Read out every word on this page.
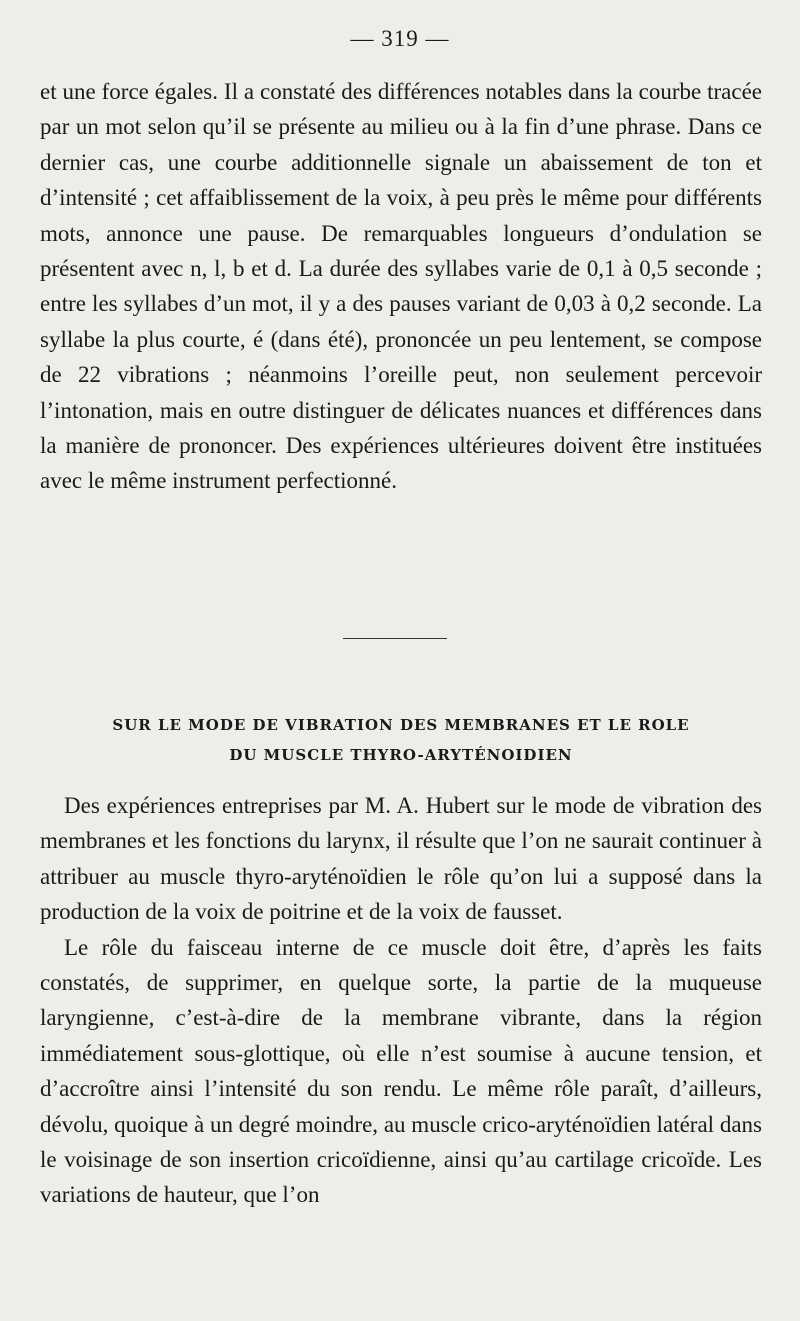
— 319 —

et une force égales. Il a constaté des différences notables dans la courbe tracée par un mot selon qu’il se présente au milieu ou à la fin d’une phrase. Dans ce dernier cas, une courbe additionnelle signale un abaissement de ton et d’intensité ; cet affaiblissement de la voix, à peu près le même pour différents mots, annonce une pause. De remarquables longueurs d’ondulation se présentent avec n, l, b et d. La durée des syllabes varie de 0,1 à 0,5 seconde ; entre les syllabes d’un mot, il y a des pauses variant de 0,03 à 0,2 seconde. La syllabe la plus courte, é (dans été), prononcée un peu lentement, se compose de 22 vibrations ; néanmoins l’oreille peut, non seulement percevoir l’intonation, mais en outre distinguer de délicates nuances et différences dans la manière de prononcer. Des expériences ultérieures doivent être instituées avec le même instrument perfectionné.

SUR LE MODE DE VIBRATION DES MEMBRANES ET LE ROLE
DU MUSCLE THYRO-ARYTÉNOIDIEN

Des expériences entreprises par M. A. Hubert sur le mode de vibration des membranes et les fonctions du larynx, il résulte que l’on ne saurait continuer à attribuer au muscle thyro-aryténoïdien le rôle qu’on lui a supposé dans la production de la voix de poitrine et de la voix de fausset.

Le rôle du faisceau interne de ce muscle doit être, d’après les faits constatés, de supprimer, en quelque sorte, la partie de la muqueuse laryngienne, c’est-à-dire de la membrane vibrante, dans la région immédiatement sous-glottique, où elle n’est soumise à aucune tension, et d’accroître ainsi l’intensité du son rendu. Le même rôle paraît, d’ailleurs, dévolu, quoique à un degré moindre, au muscle crico-aryténoïdien latéral dans le voisinage de son insertion cricoïdienne, ainsi qu’au cartilage cricoïde. Les variations de hauteur, que l’on
